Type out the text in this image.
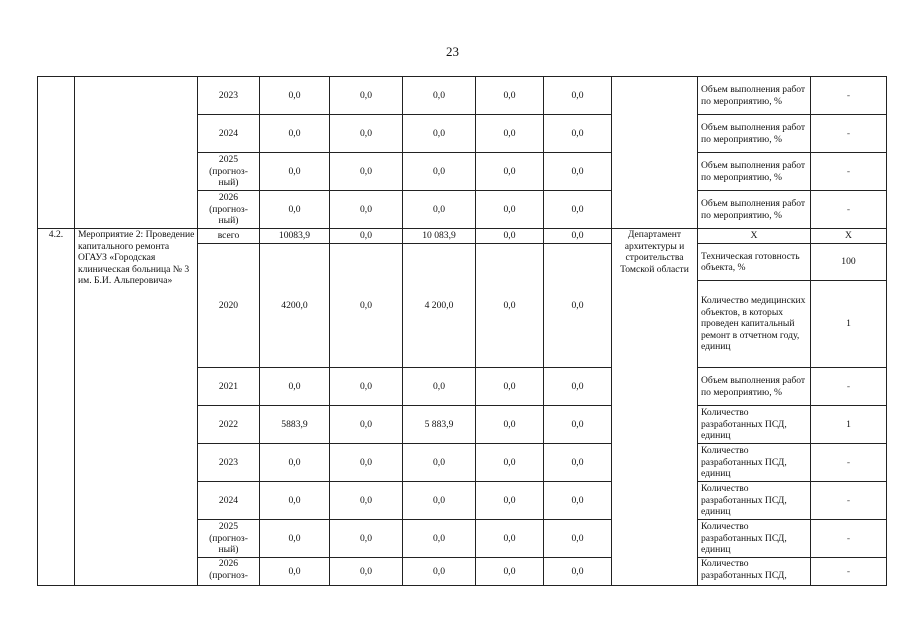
23
		2023	0,0	0,0	0,0	0,0	0,0		Объем выполнения работ по мероприятию, %	-
		2024	0,0	0,0	0,0	0,0	0,0		Объем выполнения работ по мероприятию, %	-
		2025 (прогноз- ный)	0,0	0,0	0,0	0,0	0,0		Объем выполнения работ по мероприятию, %	-
		2026 (прогноз- ный)	0,0	0,0	0,0	0,0	0,0		Объем выполнения работ по мероприятию, %	-
4.2.	Мероприятие 2: Проведение капитального ремонта ОГАУЗ «Городская клиническая больница № 3 им. Б.И. Альперовича»	всего	10083,9	0,0	10 083,9	0,0	0,0	Департамент архитектуры и строительства Томской области	Х	Х
		2020	4200,0	0,0	4 200,0	0,0	0,0		Техническая готовность объекта, %	100
									Количество медицинских объектов, в которых проведен капитальный ремонт в отчетном году, единиц	1
		2021	0,0	0,0	0,0	0,0	0,0		Объем выполнения работ по мероприятию, %	-
		2022	5883,9	0,0	5 883,9	0,0	0,0		Количество разработанных ПСД, единиц	1
		2023	0,0	0,0	0,0	0,0	0,0		Количество разработанных ПСД, единиц	-
		2024	0,0	0,0	0,0	0,0	0,0		Количество разработанных ПСД, единиц	-
		2025 (прогноз- ный)	0,0	0,0	0,0	0,0	0,0		Количество разработанных ПСД, единиц	-
		2026 (прогноз-	0,0	0,0	0,0	0,0	0,0		Количество разработанных ПСД,	-
